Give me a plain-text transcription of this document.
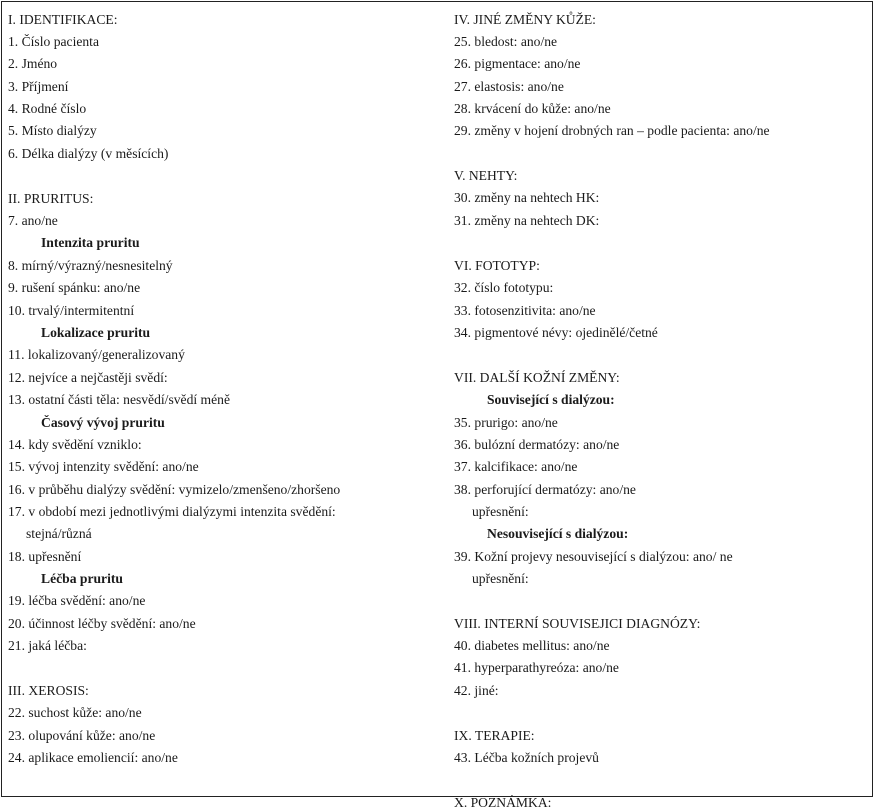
I. IDENTIFIKACE:
1. Číslo pacienta
2. Jméno
3. Příjmení
4. Rodné číslo
5. Místo dialýzy
6. Délka dialýzy (v měsících)
II. PRURITUS:
7. ano/ne
Intenzita pruritu
8. mírný/výrazný/nesnesitelný
9. rušení spánku: ano/ne
10. trvalý/intermitentní
Lokalizace pruritu
11. lokalizovaný/generalizovaný
12. nejvíce a nejčastěji svědí:
13. ostatní části těla: nesvědí/svědí méně
Časový vývoj pruritu
14. kdy svědění vzniklo:
15. vývoj intenzity svědění: ano/ne
16. v průběhu dialýzy svědění: vymizelo/zmenšeno/zhoršeno
17. v období mezi jednotlivými dialýzymi intenzita svědění:
stejná/různá
18. upřesnění
Léčba pruritu
19. léčba svědění: ano/ne
20. účinnost léčby svědění: ano/ne
21. jaká léčba:
III. XEROSIS:
22. suchost kůže: ano/ne
23. olupování kůže: ano/ne
24. aplikace emoliencií: ano/ne
IV. JINÉ ZMĚNY KŮŽE:
25. bledost: ano/ne
26. pigmentace: ano/ne
27. elastosis: ano/ne
28. krvácení do kůže: ano/ne
29. změny v hojení drobných ran – podle pacienta: ano/ne
V. NEHTY:
30. změny na nehtech HK:
31. změny na nehtech DK:
VI. FOTOTYP:
32. číslo fototypu:
33. fotosenzitivita: ano/ne
34. pigmentové névy: ojedinělé/četné
VII. DALŠÍ KOŽNÍ ZMĚNY:
Související s dialýzou:
35. prurigo: ano/ne
36. bulózní dermatózy: ano/ne
37. kalcifikace: ano/ne
38. perforující dermatózy: ano/ne
upřesnění:
Nesouvisející s dialýzou:
39. Kožní projevy nesouvisející s dialýzou: ano/ ne
upřesnění:
VIII. INTERNÍ SOUVISEJICI DIAGNÓZY:
40. diabetes mellitus: ano/ne
41. hyperparathyreóza: ano/ne
42. jiné:
IX. TERAPIE:
43. Léčba kožních projevů
X. POZNÁMKA:
